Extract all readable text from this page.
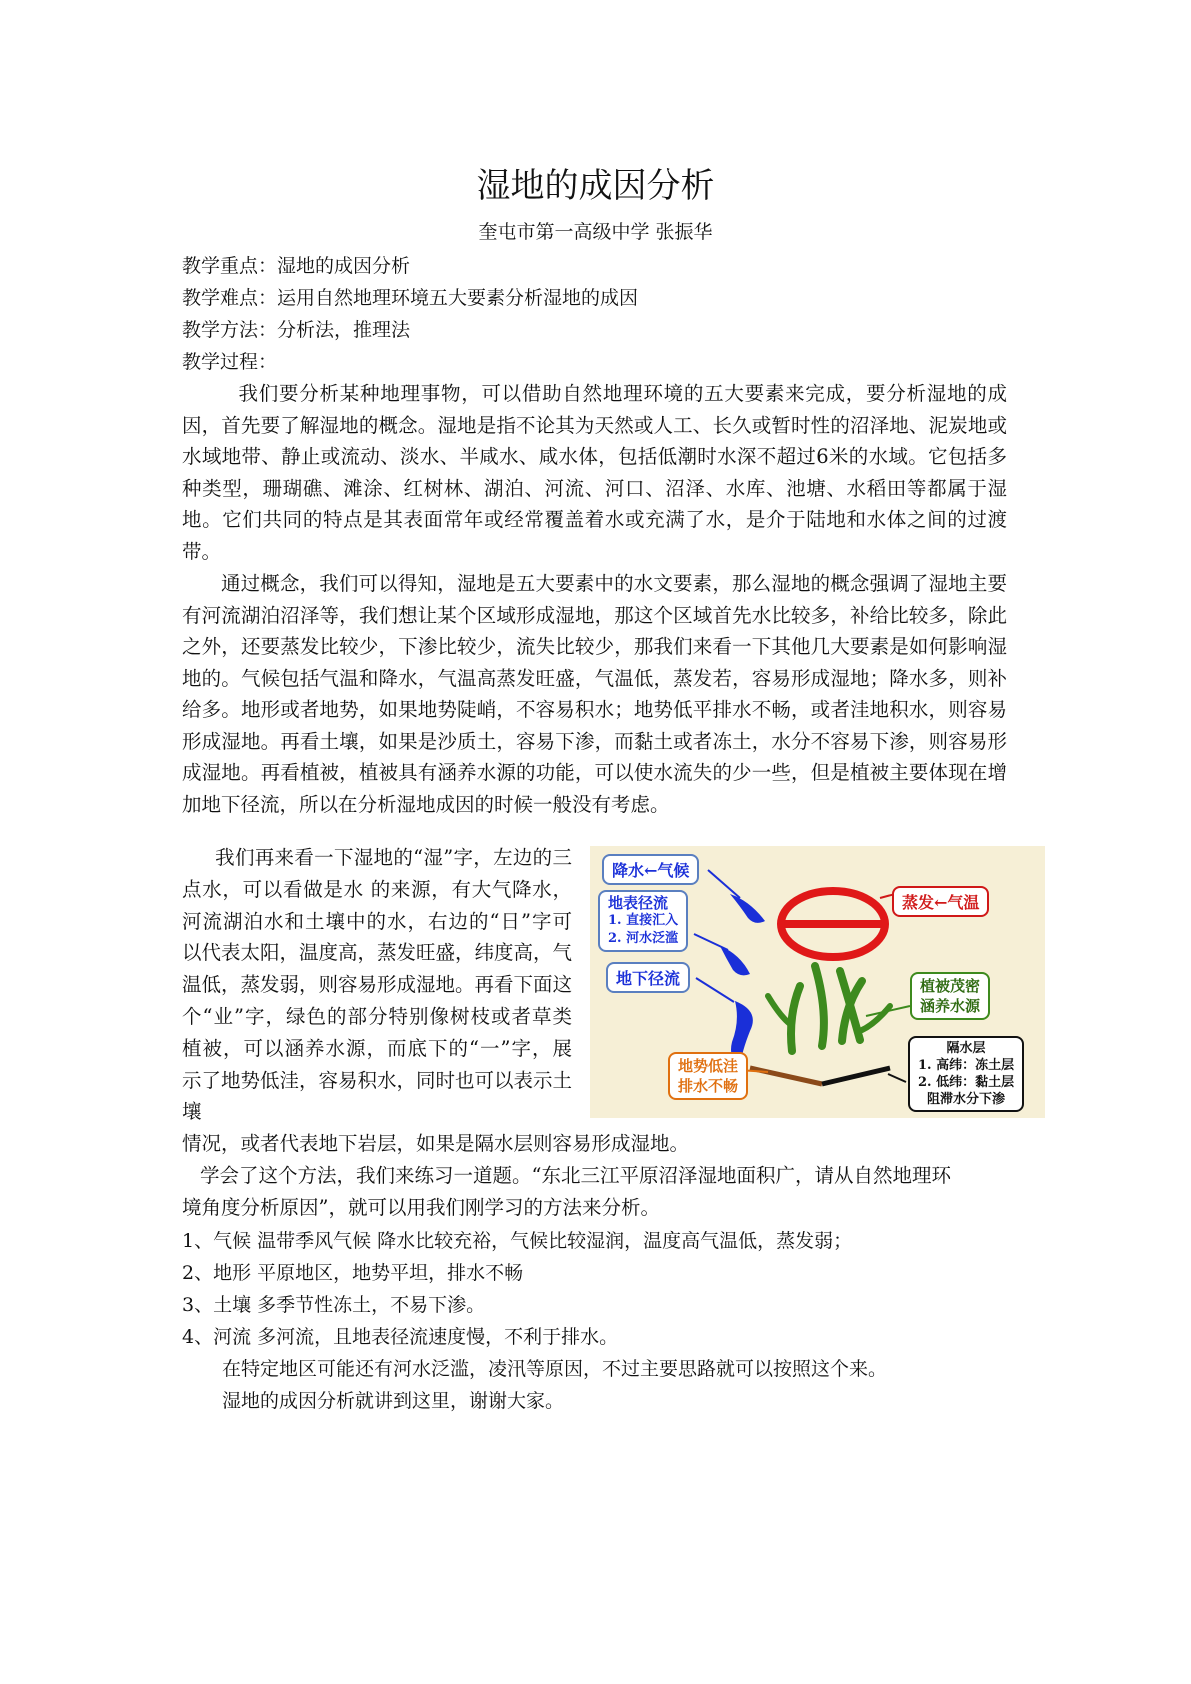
湿地的成因分析
奎屯市第一高级中学 张振华
教学重点：湿地的成因分析
教学难点：运用自然地理环境五大要素分析湿地的成因
教学方法：分析法，推理法
教学过程：

我们要分析某种地理事物，可以借助自然地理环境的五大要素来完成，要分析湿地的成因，首先要了解湿地的概念。湿地是指不论其为天然或人工、长久或暂时性的沼泽地、泥炭地或水域地带、静止或流动、淡水、半咸水、咸水体，包括低潮时水深不超过6米的水域。它包括多种类型，珊瑚礁、滩涂、红树林、湖泊、河流、河口、沼泽、水库、池塘、水稻田等都属于湿地。它们共同的特点是其表面常年或经常覆盖着水或充满了水，是介于陆地和水体之间的过渡带。

通过概念，我们可以得知，湿地是五大要素中的水文要素，那么湿地的概念强调了湿地主要有河流湖泊沼泽等，我们想让某个区域形成湿地，那这个区域首先水比较多，补给比较多，除此之外，还要蒸发比较少，下渗比较少，流失比较少，那我们来看一下其他几大要素是如何影响湿地的。气候包括气温和降水，气温高蒸发旺盛，气温低，蒸发若，容易形成湿地；降水多，则补给多。地形或者地势，如果地势陡峭，不容易积水；地势低平排水不畅，或者洼地积水，则容易形成湿地。再看土壤，如果是沙质土，容易下渗，而黏土或者冻土，水分不容易下渗，则容易形成湿地。再看植被，植被具有涵养水源的功能，可以使水流失的少一些，但是植被主要体现在增加地下径流，所以在分析湿地成因的时候一般没有考虑。

我们再来看一下湿地的“湿”字，左边的三点水，可以看做是水 的来源，有大气降水，河流湖泊水和土壤中的水，右边的“日”字可以代表太阳，温度高，蒸发旺盛，纬度高，气温低，蒸发弱，则容易形成湿地。再看下面这个“业”字，绿色的部分特别像树枝或者草类植被，可以涵养水源，而底下的“一”字，展示了地势低洼，容易积水，同时也可以表示土壤
情况，或者代表地下岩层，如果是隔水层则容易形成湿地。
降水←气候
地表径流
1. 直接汇入
2. 河水泛滥
地下径流
蒸发←气温
植被茂密
涵养水源
地势低洼
排水不畅
隔水层
1. 高纬：冻土层
2. 低纬：黏土层
阻滞水分下渗
学会了这个方法，我们来练习一道题。“东北三江平原沼泽湿地面积广，请从自然地理环
境角度分析原因”，就可以用我们刚学习的方法来分析。
1、气候 温带季风气候 降水比较充裕，气候比较湿润，温度高气温低，蒸发弱；
2、地形 平原地区，地势平坦，排水不畅
3、土壤 多季节性冻土，不易下渗。
4、河流 多河流，且地表径流速度慢，不利于排水。
在特定地区可能还有河水泛滥，凌汛等原因，不过主要思路就可以按照这个来。
湿地的成因分析就讲到这里，谢谢大家。
